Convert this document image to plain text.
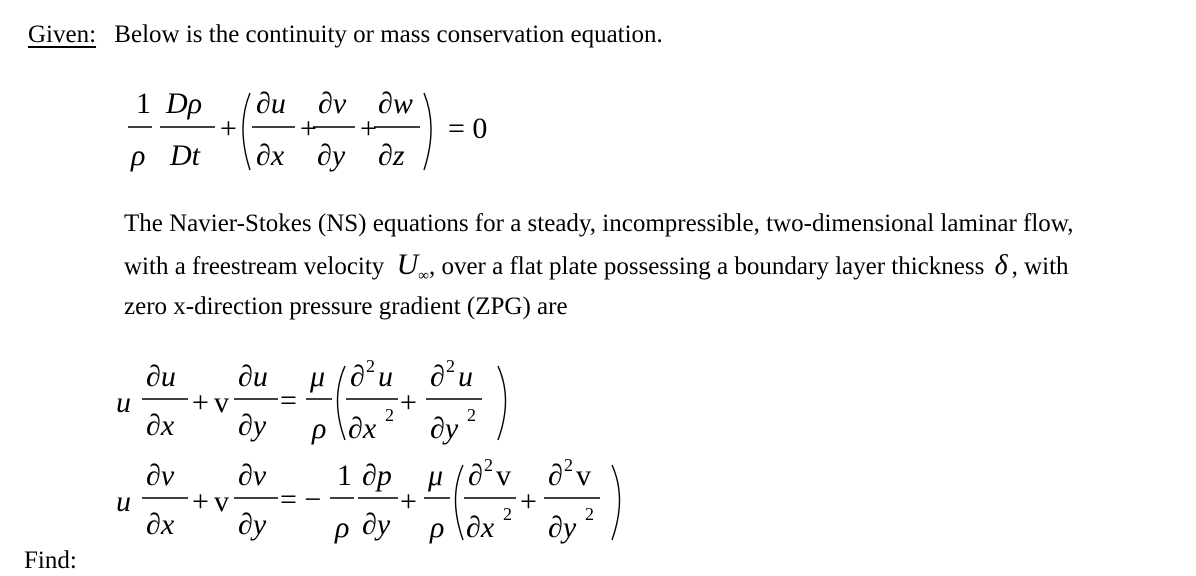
Given: Below is the continuity or mass conservation equation.
The Navier-Stokes (NS) equations for a steady, incompressible, two-dimensional laminar flow,
with a freestream velocity $U_\infty$, over a flat plate possessing a boundary layer thickness δ , with
zero x-direction pressure gradient (ZPG) are
1
ρ
Dρ
Dt
+
∂u
∂x
+
∂v
∂y
+
∂w
∂z
= 0
u
∂u
∂x
+ v
∂u
∂y
=
μ
ρ
∂ 2 u
∂x 2 +
∂ 2 u
∂y 2
u
∂v
∂x
+ v
∂v
∂y
= −
1
ρ
∂p
∂y
+
μ
ρ
∂ 2 v
∂x 2 +
∂ 2 v
∂y 2
Find:
